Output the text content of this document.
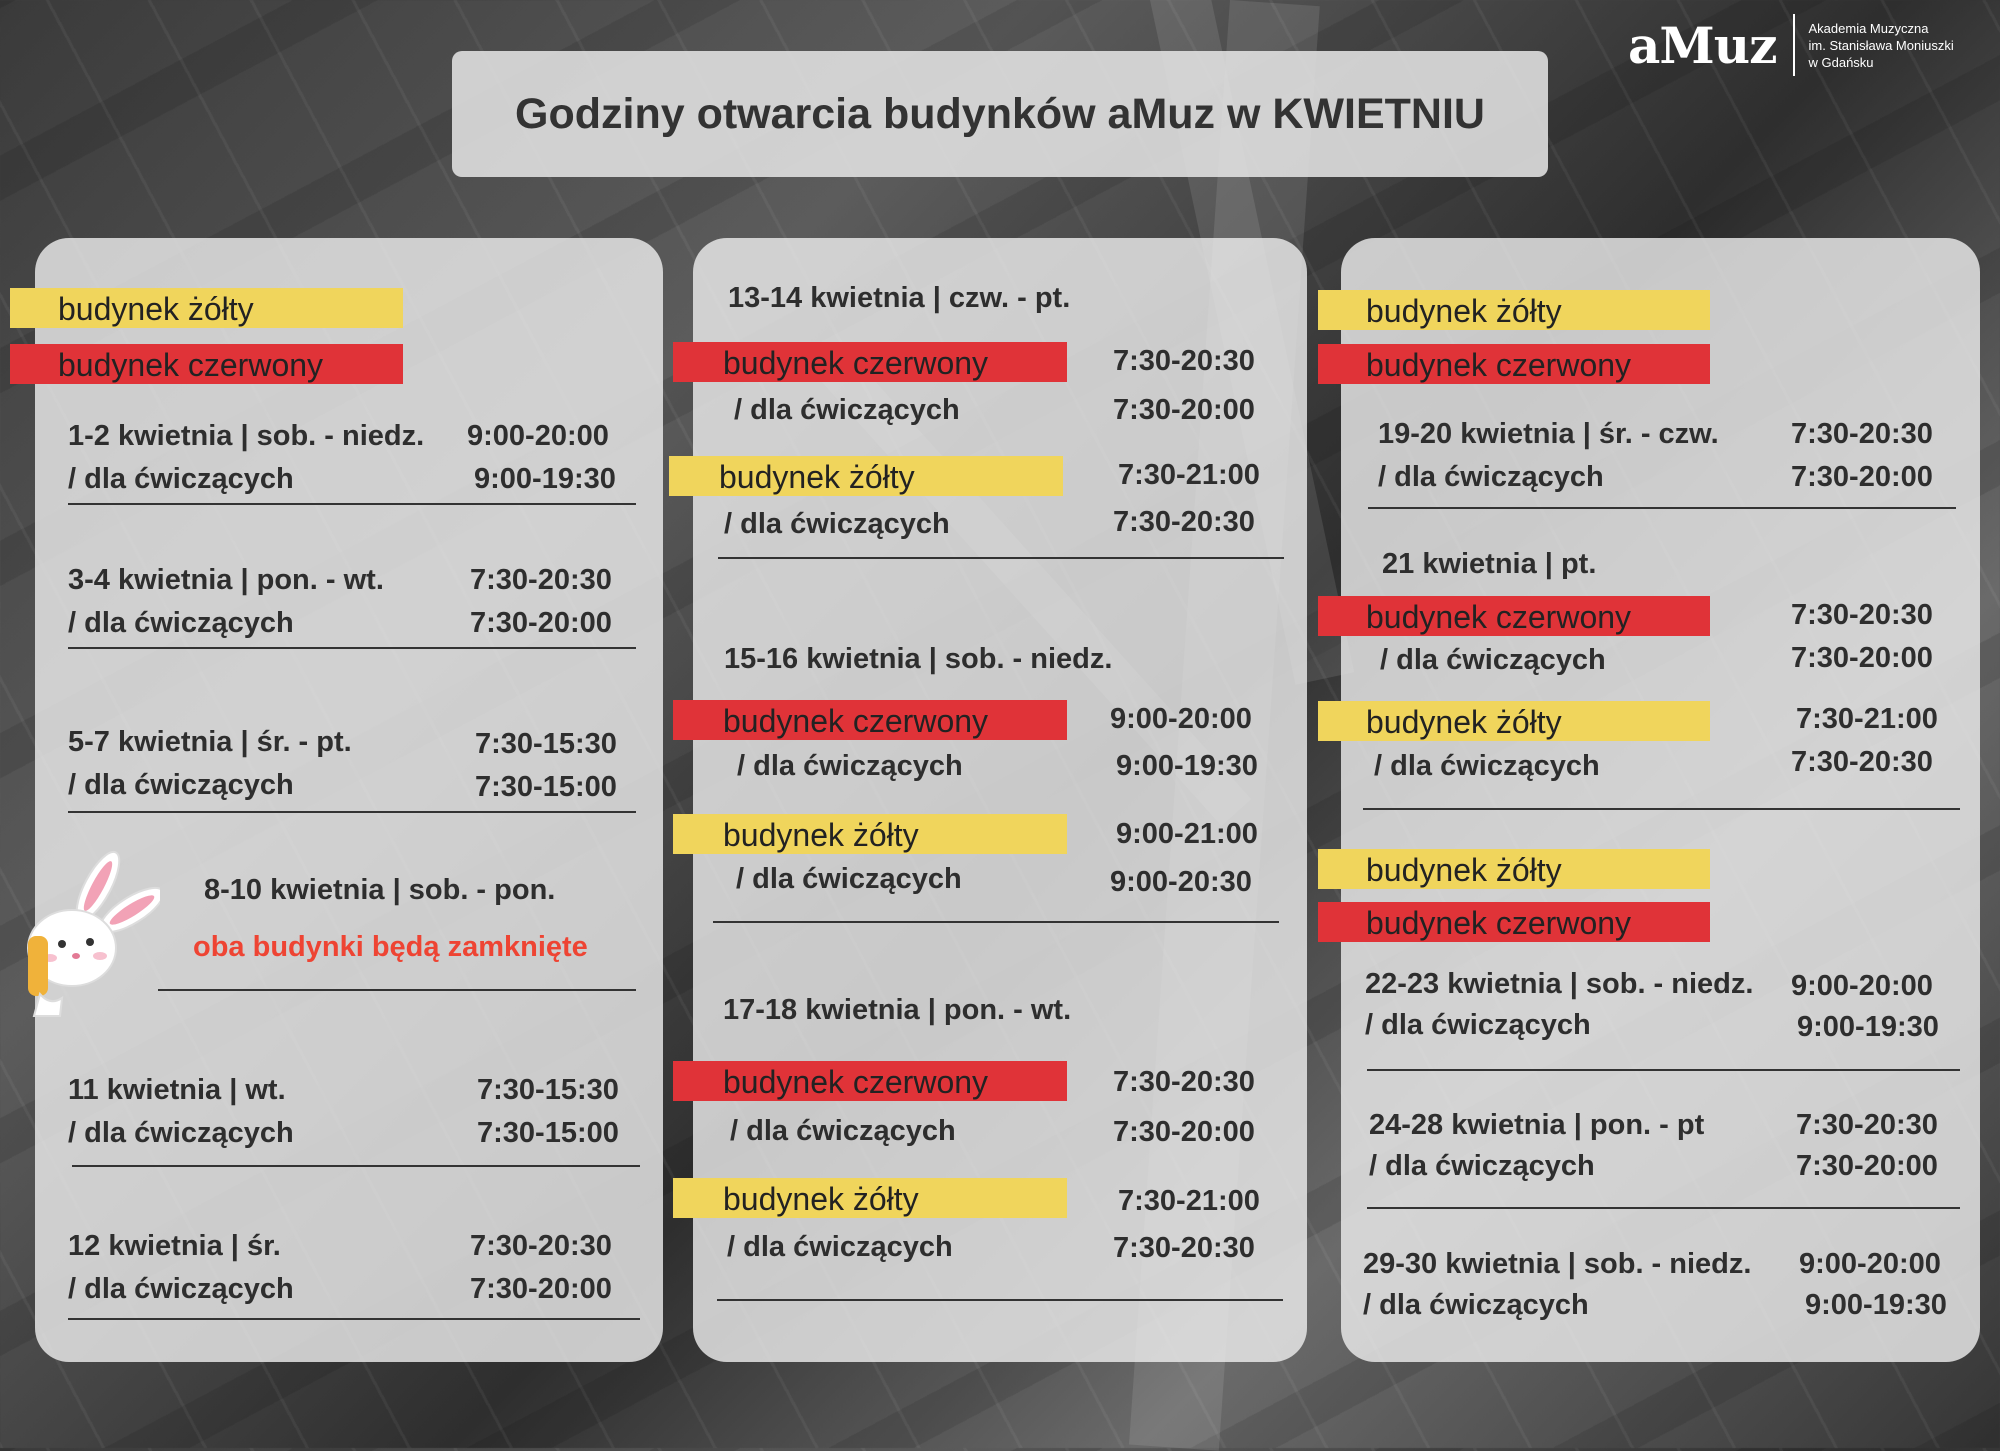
aMuz Akademia Muzyczna
im. Stanisława Moniuszki
w Gdańsku
Godziny otwarcia budynków aMuz w KWIETNIU
budynek żółty
budynek czerwony
1-2 kwietnia | sob. - niedz. 9:00-20:00
/ dla ćwiczących	9:00-19:30
3-4 kwietnia | pon. - wt.	7:30-20:30
/ dla ćwiczących	7:30-20:00
5-7 kwietnia | śr. - pt.	7:30-15:30
/ dla ćwiczących	7:30-15:00
8-10 kwietnia | sob. - pon.
oba budynki będą zamknięte
11 kwietnia | wt.	7:30-15:30
/ dla ćwiczących	7:30-15:00
12 kwietnia | śr.	7:30-20:30
/ dla ćwiczących	7:30-20:00
13-14 kwietnia | czw. - pt.
budynek czerwony	7:30-20:30
/ dla ćwiczących	7:30-20:00
budynek żółty	7:30-21:00
/ dla ćwiczących	7:30-20:30
15-16 kwietnia | sob. - niedz.
budynek czerwony	9:00-20:00
/ dla ćwiczących	9:00-19:30
budynek żółty	9:00-21:00
/ dla ćwiczących	9:00-20:30
17-18 kwietnia | pon. - wt.
budynek czerwony	7:30-20:30
/ dla ćwiczących	7:30-20:00
budynek żółty	7:30-21:00
/ dla ćwiczących	7:30-20:30
budynek żółty
budynek czerwony
19-20 kwietnia | śr. - czw. 7:30-20:30
/ dla ćwiczących	7:30-20:00
21 kwietnia | pt.
budynek czerwony	7:30-20:30
/ dla ćwiczących	7:30-20:00
budynek żółty	7:30-21:00
/ dla ćwiczących	7:30-20:30
budynek żółty
budynek czerwony
22-23 kwietnia | sob. - niedz. 9:00-20:00
/ dla ćwiczących	9:00-19:30
24-28 kwietnia | pon. - pt	7:30-20:30
/ dla ćwiczących	7:30-20:00
29-30 kwietnia | sob. - niedz. 9:00-20:00
/ dla ćwiczących	9:00-19:30
